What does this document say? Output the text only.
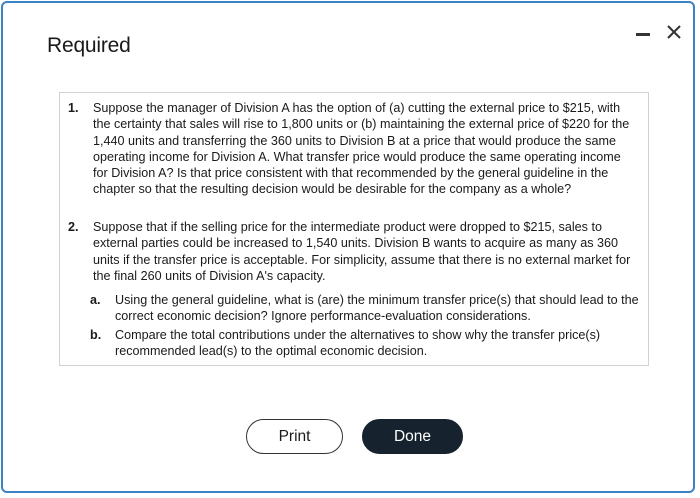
Required
1. Suppose the manager of Division A has the option of (a) cutting the external price to $215, with the certainty that sales will rise to 1,800 units or (b) maintaining the external price of $220 for the 1,440 units and transferring the 360 units to Division B at a price that would produce the same operating income for Division A. What transfer price would produce the same operating income for Division A? Is that price consistent with that recommended by the general guideline in the chapter so that the resulting decision would be desirable for the company as a whole?
2. Suppose that if the selling price for the intermediate product were dropped to $215, sales to external parties could be increased to 1,540 units. Division B wants to acquire as many as 360 units if the transfer price is acceptable. For simplicity, assume that there is no external market for the final 260 units of Division A's capacity.
a. Using the general guideline, what is (are) the minimum transfer price(s) that should lead to the correct economic decision? Ignore performance-evaluation considerations.
b. Compare the total contributions under the alternatives to show why the transfer price(s) recommended lead(s) to the optimal economic decision.
Print	Done
